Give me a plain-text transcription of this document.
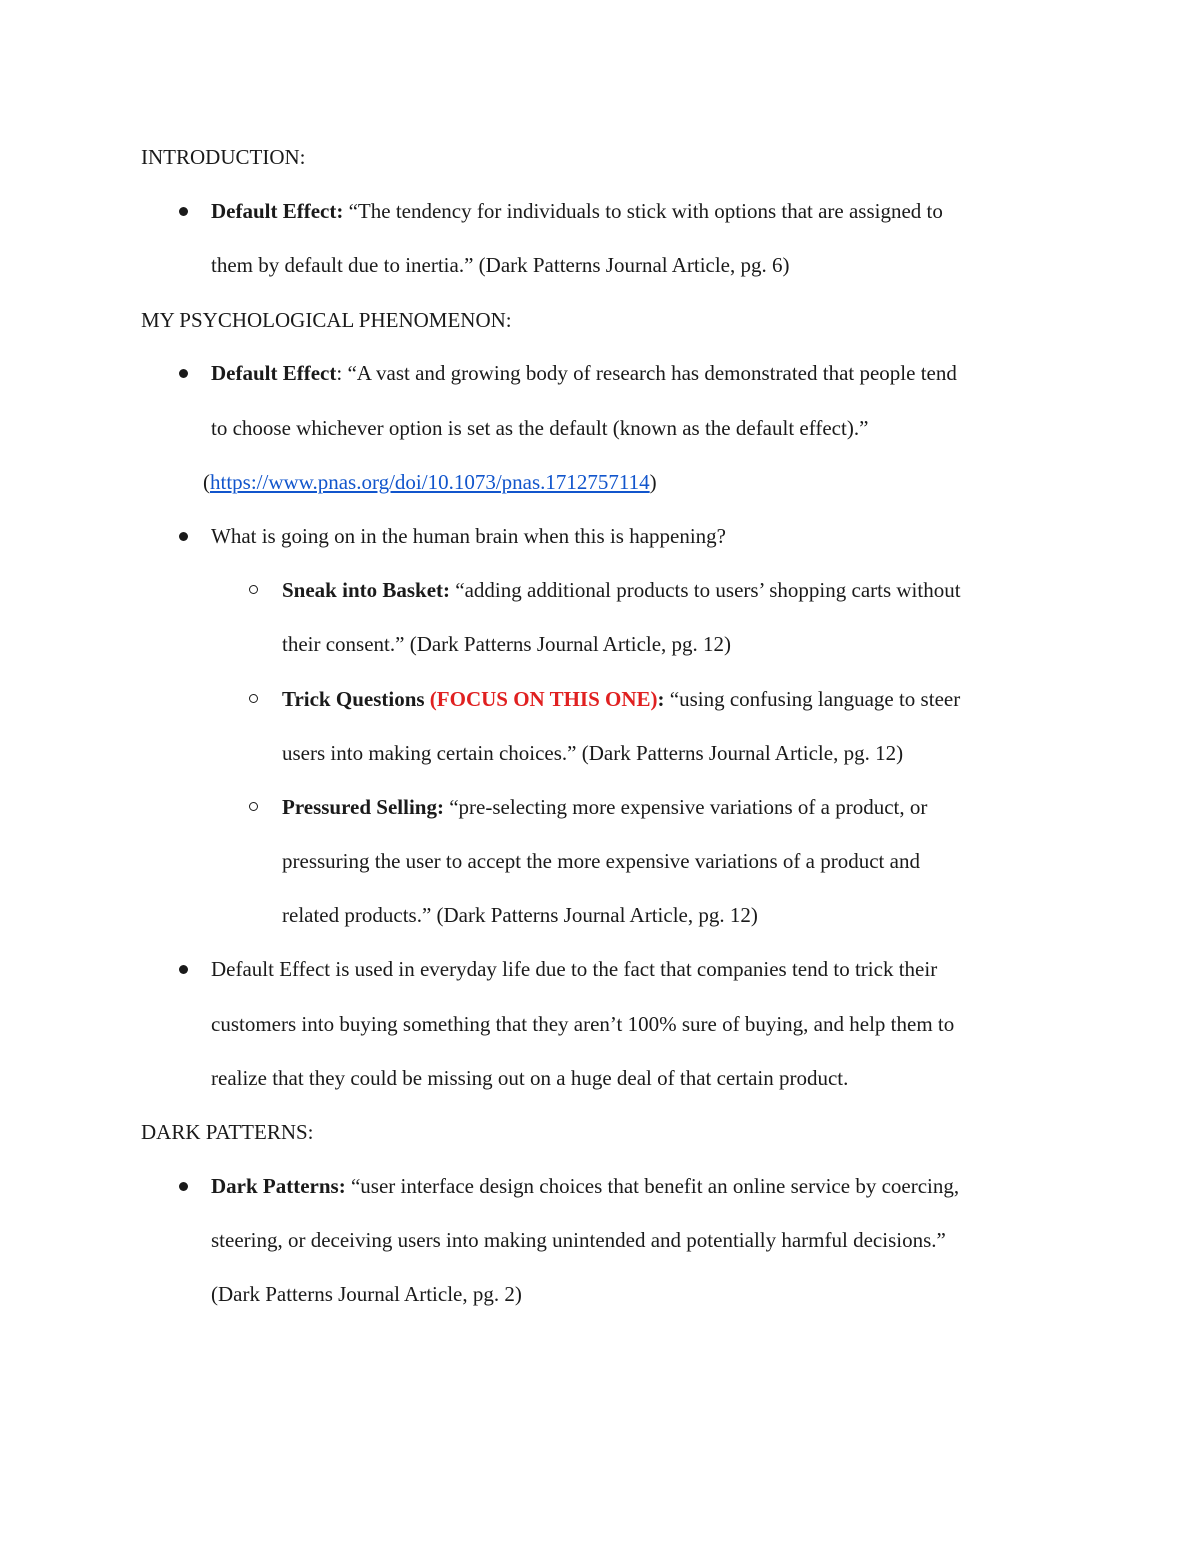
INTRODUCTION:
Default Effect: “The tendency for individuals to stick with options that are assigned to
them by default due to inertia.” (Dark Patterns Journal Article, pg. 6)
MY PSYCHOLOGICAL PHENOMENON:
Default Effect: “A vast and growing body of research has demonstrated that people tend
to choose whichever option is set as the default (known as the default effect).”
(https://www.pnas.org/doi/10.1073/pnas.1712757114)
What is going on in the human brain when this is happening?
Sneak into Basket: “adding additional products to users’ shopping carts without
their consent.” (Dark Patterns Journal Article, pg. 12)
Trick Questions (FOCUS ON THIS ONE): “using confusing language to steer
users into making certain choices.” (Dark Patterns Journal Article, pg. 12)
Pressured Selling: “pre-selecting more expensive variations of a product, or
pressuring the user to accept the more expensive variations of a product and
related products.” (Dark Patterns Journal Article, pg. 12)
Default Effect is used in everyday life due to the fact that companies tend to trick their
customers into buying something that they aren’t 100% sure of buying, and help them to
realize that they could be missing out on a huge deal of that certain product.
DARK PATTERNS:
Dark Patterns: “user interface design choices that benefit an online service by coercing,
steering, or deceiving users into making unintended and potentially harmful decisions.”
(Dark Patterns Journal Article, pg. 2)
